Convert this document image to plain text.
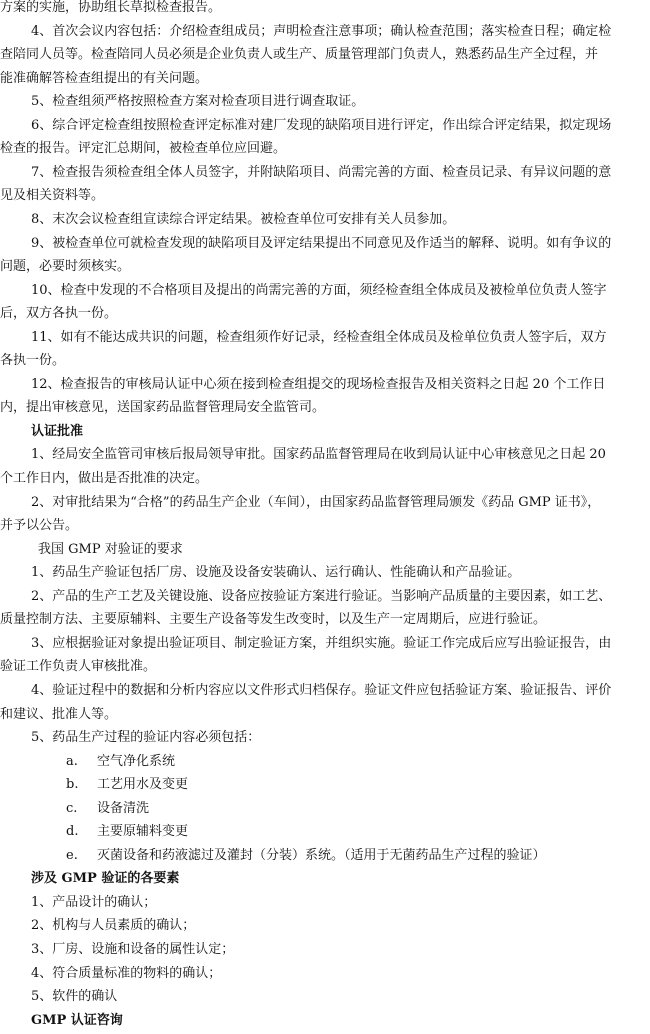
方案的实施，协助组长草拟检查报告。
4、首次会议内容包括：介绍检查组成员；声明检查注意事项；确认检查范围；落实检查日程；确定检
查陪同人员等。检查陪同人员必须是企业负责人或生产、质量管理部门负责人，熟悉药品生产全过程，并
能准确解答检查组提出的有关问题。
5、检查组须严格按照检查方案对检查项目进行调查取证。
6、综合评定检查组按照检查评定标准对建厂发现的缺陷项目进行评定，作出综合评定结果，拟定现场
检查的报告。评定汇总期间，被检查单位应回避。
7、检查报告须检查组全体人员签字，并附缺陷项目、尚需完善的方面、检查员记录、有异议问题的意
见及相关资料等。
8、末次会议检查组宣读综合评定结果。被检查单位可安排有关人员参加。
9、被检查单位可就检查发现的缺陷项目及评定结果提出不同意见及作适当的解释、说明。如有争议的
问题，必要时须核实。
10、检查中发现的不合格项目及提出的尚需完善的方面，须经检查组全体成员及被检单位负责人签字
后，双方各执一份。
11、如有不能达成共识的问题，检查组须作好记录，经检查组全体成员及检单位负责人签字后，双方
各执一份。
12、检查报告的审核局认证中心须在接到检查组提交的现场检查报告及相关资料之日起 20 个工作日
内，提出审核意见，送国家药品监督管理局安全监管司。
认证批准
1、经局安全监管司审核后报局领导审批。国家药品监督管理局在收到局认证中心审核意见之日起 20
个工作日内，做出是否批准的决定。
2、对审批结果为“合格”的药品生产企业（车间），由国家药品监督管理局颁发《药品 GMP 证书》，
并予以公告。
我国 GMP 对验证的要求
1、药品生产验证包括厂房、设施及设备安装确认、运行确认、性能确认和产品验证。
2、产品的生产工艺及关键设施、设备应按验证方案进行验证。当影响产品质量的主要因素，如工艺、
质量控制方法、主要原辅料、主要生产设备等发生改变时，以及生产一定周期后，应进行验证。
3、应根据验证对象提出验证项目、制定验证方案，并组织实施。验证工作完成后应写出验证报告，由
验证工作负责人审核批准。
4、验证过程中的数据和分析内容应以文件形式归档保存。验证文件应包括验证方案、验证报告、评价
和建议、批准人等。
5、药品生产过程的验证内容必须包括：
a. 空气净化系统
b. 工艺用水及变更
c. 设备清洗
d. 主要原辅料变更
e. 灭菌设备和药液滤过及灌封（分装）系统。（适用于无菌药品生产过程的验证）
涉及 GMP 验证的各要素
1、产品设计的确认；
2、机构与人员素质的确认；
3、厂房、设施和设备的属性认定；
4、符合质量标准的物料的确认；
5、软件的确认
GMP 认证咨询
